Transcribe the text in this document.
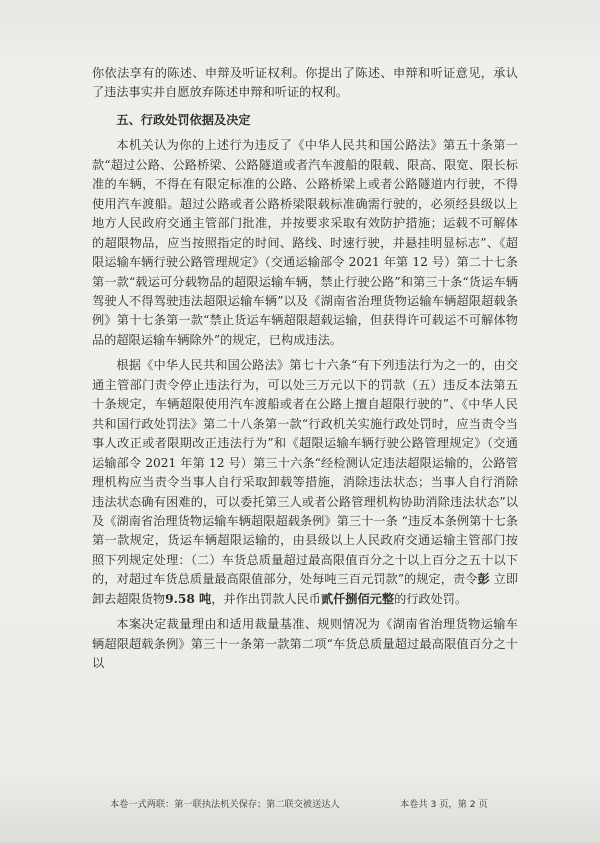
你依法享有的陈述、申辩及听证权利。你提出了陈述、申辩和听证意见，承认了违法事实并自愿放弃陈述申辩和听证的权利。

五、行政处罚依据及决定

本机关认为你的上述行为违反了《中华人民共和国公路法》第五十条第一款“超过公路、公路桥梁、公路隧道或者汽车渡船的限载、限高、限宽、限长标准的车辆，不得在有限定标准的公路、公路桥梁上或者公路隧道内行驶，不得使用汽车渡船。超过公路或者公路桥梁限载标准确需行驶的，必须经县级以上地方人民政府交通主管部门批准，并按要求采取有效防护措施；运载不可解体的超限物品，应当按照指定的时间、路线、时速行驶，并悬挂明显标志”、《超限运输车辆行驶公路管理规定》（交通运输部令 2021 年第 12 号）第二十七条第一款“载运可分载物品的超限运输车辆，禁止行驶公路”和第三十条“货运车辆驾驶人不得驾驶违法超限运输车辆”以及《湖南省治理货物运输车辆超限超载条例》第十七条第一款“禁止货运车辆超限超载运输，但获得许可载运不可解体物品的超限运输车辆除外”的规定，已构成违法。

根据《中华人民共和国公路法》第七十六条“有下列违法行为之一的，由交通主管部门责令停止违法行为，可以处三万元以下的罚款（五）违反本法第五十条规定，车辆超限使用汽车渡船或者在公路上擅自超限行驶的”、《中华人民共和国行政处罚法》第二十八条第一款“行政机关实施行政处罚时，应当责令当事人改正或者限期改正违法行为”和《超限运输车辆行驶公路管理规定》（交通运输部令 2021 年第 12 号）第三十六条“经检测认定违法超限运输的，公路管理机构应当责令当事人自行采取卸载等措施，消除违法状态；当事人自行消除违法状态确有困难的，可以委托第三人或者公路管理机构协助消除违法状态”以及《湖南省治理货物运输车辆超限超载条例》第三十一条 “违反本条例第十七条第一款规定，货运车辆超限运输的，由县级以上人民政府交通运输主管部门按照下列规定处理：（二）车货总质量超过最高限值百分之十以上百分之五十以下的，对超过车货总质量最高限值部分，处每吨三百元罚款”的规定，责令彭 立即卸去超限货物9.58 吨，并作出罚款人民币贰仟捌佰元整的行政处罚。

本案决定裁量理由和适用裁量基准、规则情况为《湖南省治理货物运输车辆超限超载条例》第三十一条第一款第二项“车货总质量超过最高限值百分之十以

本卷一式两联：第一联执法机关保存；第二联交被送达人	本卷共 3 页，第 2 页
